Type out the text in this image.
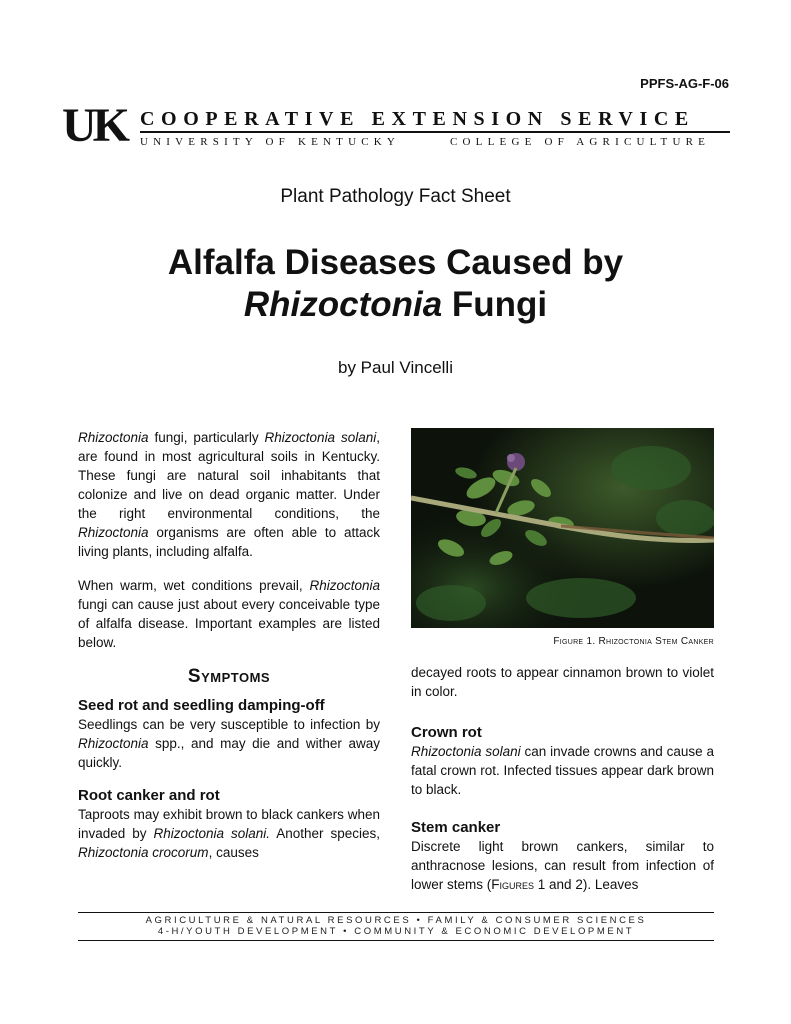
PPFS-AG-F-06
UK COOPERATIVE EXTENSION SERVICE
UNIVERSITY OF KENTUCKY	COLLEGE OF AGRICULTURE
Plant Pathology Fact Sheet
Alfalfa Diseases Caused by
Rhizoctonia Fungi
by Paul Vincelli

Rhizoctonia fungi, particularly Rhizoctonia solani, are found in most agricultural soils in Kentucky. These fungi are natural soil inhabitants that colonize and live on dead organic matter. Under the right environmental conditions, the Rhizoctonia organisms are often able to attack living plants, including alfalfa.

When warm, wet conditions prevail, Rhizoctonia fungi can cause just about every conceivable type of alfalfa disease. Important examples are listed below.

Symptoms
Seed rot and seedling damping-off
Seedlings can be very susceptible to infection by Rhizoctonia spp., and may die and wither away quickly.
Root canker and rot
Taproots may exhibit brown to black cankers when invaded by Rhizoctonia solani. Another species, Rhizoctonia crocorum, causes
Figure 1. Rhizoctonia Stem Canker
decayed roots to appear cinnamon brown to violet in color.
Crown rot
Rhizoctonia solani can invade crowns and cause a fatal crown rot. Infected tissues appear dark brown to black.
Stem canker
Discrete light brown cankers, similar to anthracnose lesions, can result from infection of lower stems (Figures 1 and 2). Leaves
AGRICULTURE & NATURAL RESOURCES • FAMILY & CONSUMER SCIENCES
4-H/YOUTH DEVELOPMENT • COMMUNITY & ECONOMIC DEVELOPMENT
